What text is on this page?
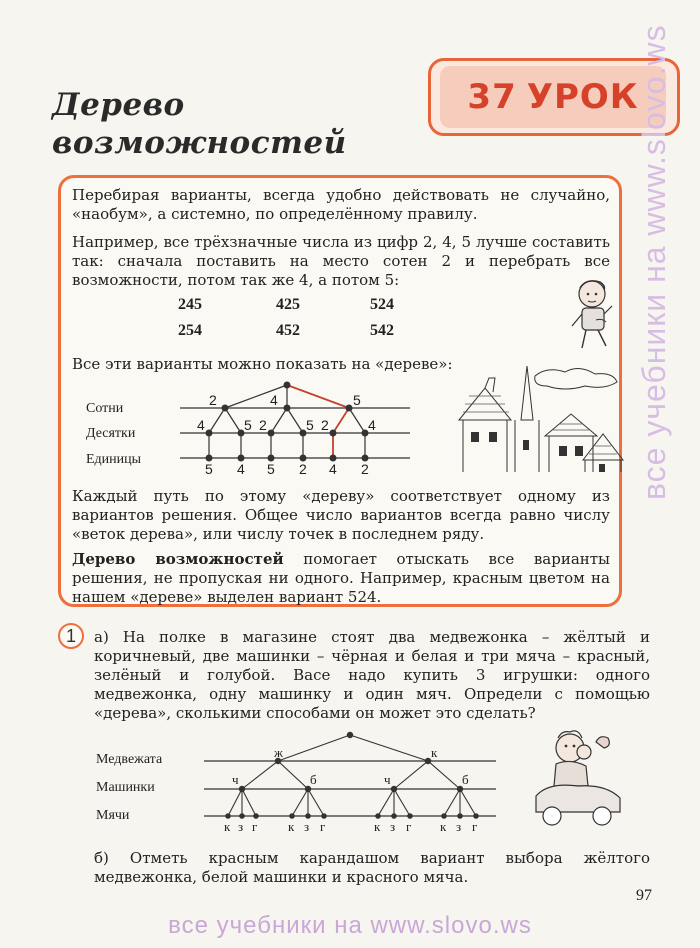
Дерево
возможностей
37 УРОК
Перебирая варианты, всегда удобно действовать не случайно, «наобум», а системно, по определённому правилу.
Например, все трёхзначные числа из цифр 2, 4, 5 лучше составить так: сначала поставить на место сотен 2 и перебрать все возможности, потом так же 4, а потом 5:
245	425	524
254	452	542
Все эти варианты можно показать на «дереве»:
Сотни
Десятки
Единицы
2	4	5
4	5 2	5 2	4
5 4 5 2 4 2
Каждый путь по этому «дереву» соответствует одному из вариантов решения. Общее число вариантов всегда равно числу «веток дерева», или числу точек в последнем ряду.
Дерево возможностей помогает отыскать все варианты решения, не пропуская ни одного. Например, красным цветом на нашем «дереве» выделен вариант 524.
1 а) На полке в магазине стоят два медвежонка – жёлтый и коричневый, две машинки – чёрная и белая и три мяча – красный, зелёный и голубой. Васе надо купить 3 игрушки: одного медвежонка, одну машинку и один мяч. Определи с помощью «дерева», сколькими способами он может это сделать?
Медвежата
Машинки
Мячи
ж	к
ч	б	ч	б
к з г к з г	к з г к з г
б) Отметь красным карандашом вариант выбора жёлтого медвежонка, белой машинки и красного мяча.
97
все учебники на www.slovo.ws
все учебники на www.slovo.ws
